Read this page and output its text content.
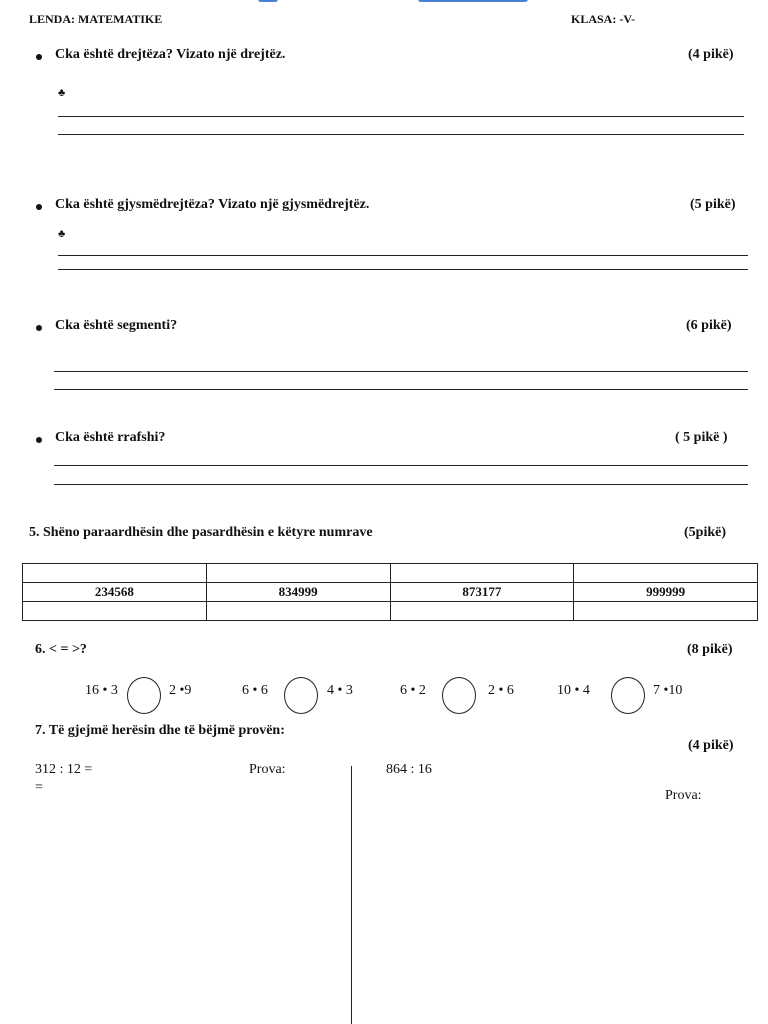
LENDA: MATEMATIKE	KLASA: -V-
Cka është drejtëza? Vizato një drejtëz.	(4 pikë)
♣
Cka është gjysmëdrejtëza? Vizato një gjysmëdrejtëz.	(5 pikë)
♣
Cka është segmenti?	(6 pikë)
Cka është rrafshi?	( 5 pikë )
5. Shëno paraardhësin dhe pasardhësin e këtyre numrave	(5pikë)

234568	834999	873177	999999

6. < = >?	(8 pikë)
16 • 3	2 •9	6 • 6	4 • 3	6 • 2	2 • 6	10 • 4	7 •10
7. Të gjejmë herësin dhe të bëjmë provën:
(4 pikë)
312 : 12 =
=
Prova:	864 : 16
Prova:
